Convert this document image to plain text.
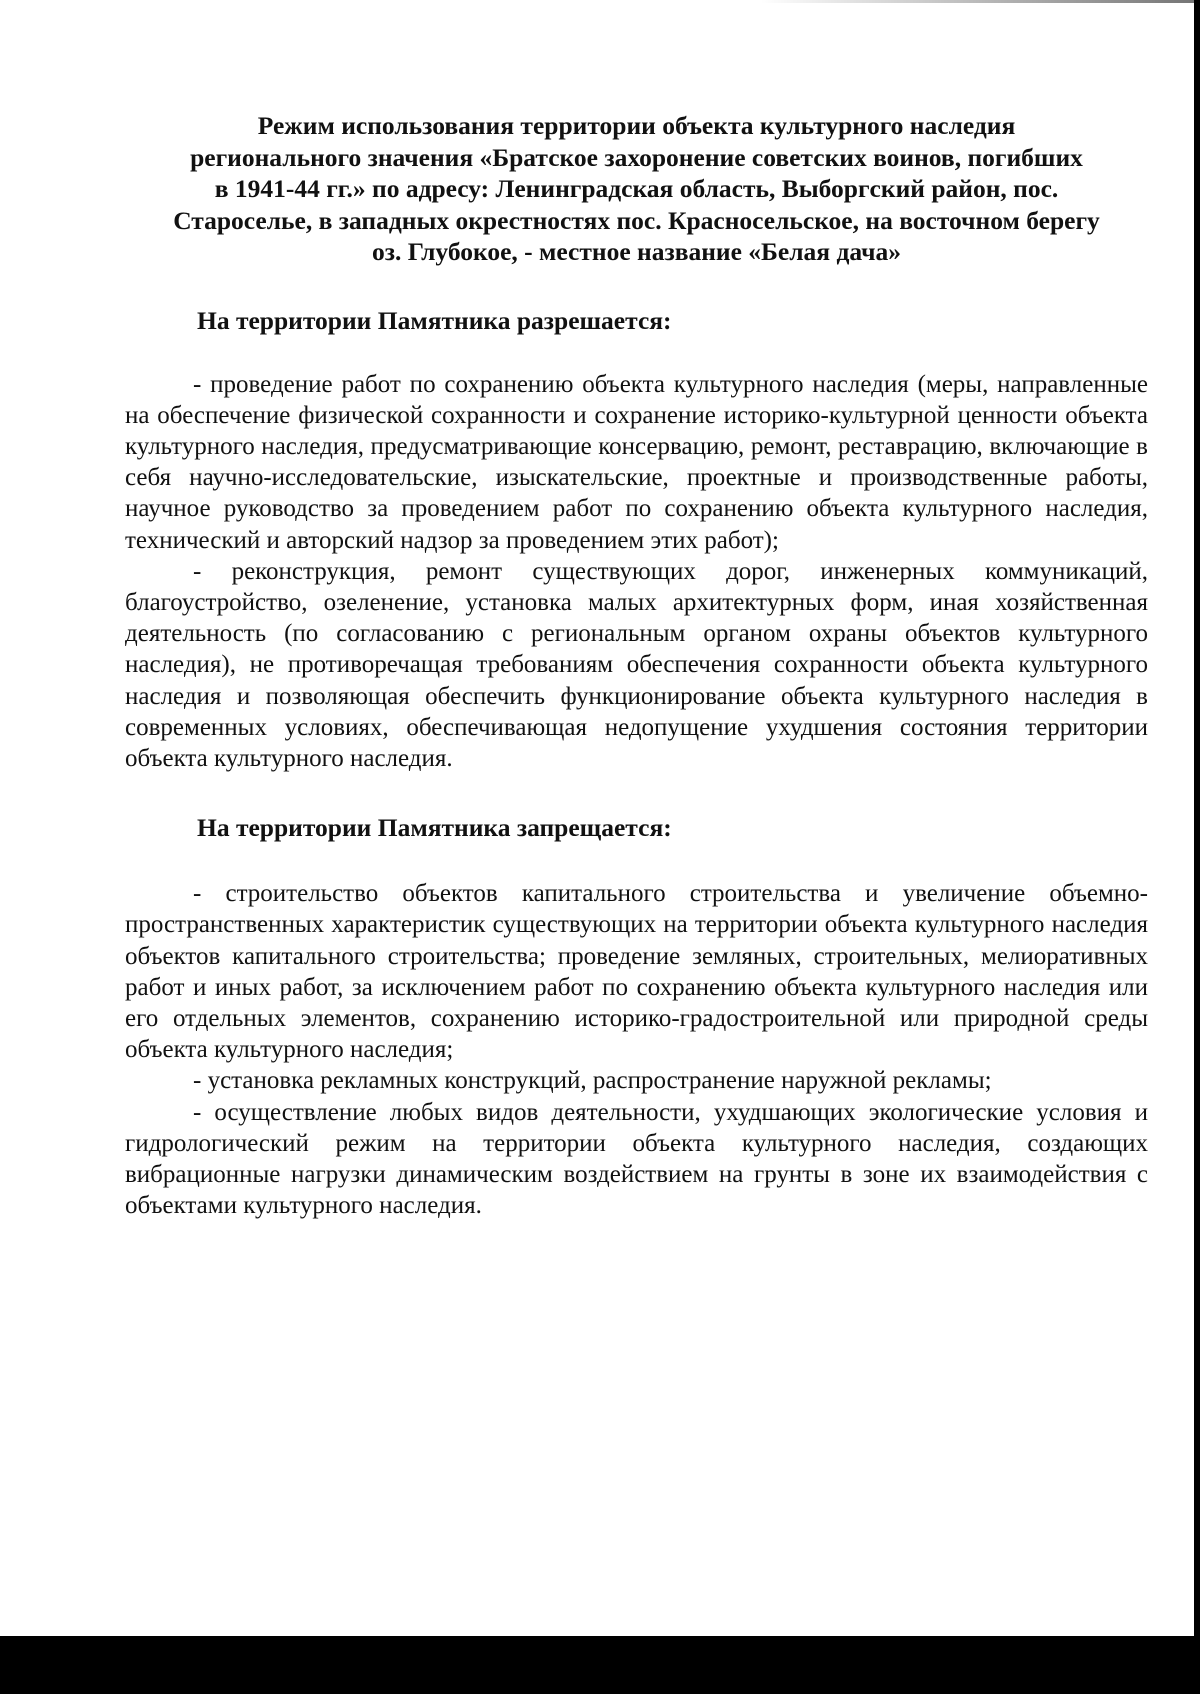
Режим использования территории объекта культурного наследия
регионального значения «Братское захоронение советских воинов, погибших
в 1941-44 гг.» по адресу: Ленинградская область, Выборгский район, пос.
Староселье, в западных окрестностях пос. Красносельское, на восточном берегу
оз. Глубокое, - местное название «Белая дача»
На территории Памятника разрешается:
- проведение работ по сохранению объекта культурного наследия (меры, направленные на обеспечение физической сохранности и сохранение историко-культурной ценности объекта культурного наследия, предусматривающие консервацию, ремонт, реставрацию, включающие в себя научно-исследовательские, изыскательские, проектные и производственные работы, научное руководство за проведением работ по сохранению объекта культурного наследия, технический и авторский надзор за проведением этих работ);
- реконструкция, ремонт существующих дорог, инженерных коммуникаций, благоустройство, озеленение, установка малых архитектурных форм, иная хозяйственная деятельность (по согласованию с региональным органом охраны объектов культурного наследия), не противоречащая требованиям обеспечения сохранности объекта культурного наследия и позволяющая обеспечить функционирование объекта культурного наследия в современных условиях, обеспечивающая недопущение ухудшения состояния территории объекта культурного наследия.
На территории Памятника запрещается:
- строительство объектов капитального строительства и увеличение объемно-пространственных характеристик существующих на территории объекта культурного наследия объектов капитального строительства; проведение земляных, строительных, мелиоративных работ и иных работ, за исключением работ по сохранению объекта культурного наследия или его отдельных элементов, сохранению историко-градостроительной или природной среды объекта культурного наследия;
- установка рекламных конструкций, распространение наружной рекламы;
- осуществление любых видов деятельности, ухудшающих экологические условия и гидрологический режим на территории объекта культурного наследия, создающих вибрационные нагрузки динамическим воздействием на грунты в зоне их взаимодействия с объектами культурного наследия.
